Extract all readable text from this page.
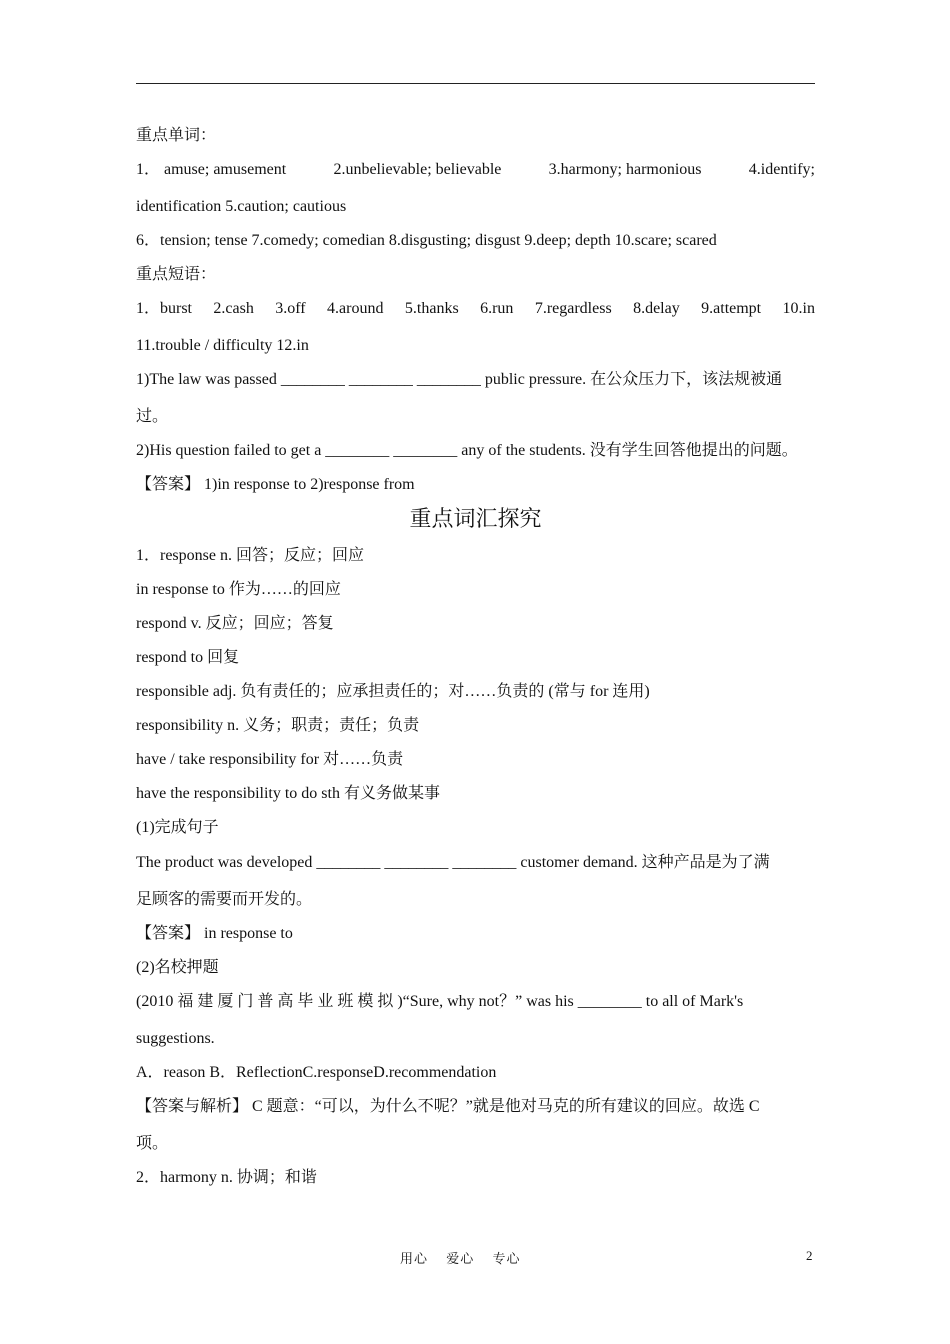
重点单词：
1． amuse; amusement	2.unbelievable; believable	3.harmony; harmonious	4.identify;
identification 5.caution; cautious
6．tension; tense 7.comedy; comedian 8.disgusting; disgust 9.deep; depth 10.scare; scared
重点短语：
1．burst 2.cash 3.off 4.around 5.thanks 6.run 7.regardless 8.delay 9.attempt 10.in
11.trouble / difficulty 12.in
1)The law was passed ________ ________ ________ public pressure. 在公众压力下，该法规被通
过。
2)His question failed to get a ________ ________ any of the students. 没有学生回答他提出的问题。
【答案】 1)in response to 2)response from
重点词汇探究
1．response n. 回答；反应；回应
in response to 作为……的回应
respond v. 反应；回应；答复
respond to 回复
responsible adj. 负有责任的；应承担责任的；对……负责的 (常与 for 连用)
responsibility n. 义务；职责；责任；负责
have / take responsibility for 对……负责
have the responsibility to do sth 有义务做某事
(1)完成句子
The product was developed ________ ________ ________ customer demand. 这种产品是为了满
足顾客的需要而开发的。
【答案】 in response to
(2)名校押题
(2010 福 建 厦 门 普 高 毕 业 班 模 拟 )“Sure, why not？” was his ________ to all of Mark's
suggestions.
A．reason B．ReflectionC.responseD.recommendation
【答案与解析】 C 题意：“可以，为什么不呢？”就是他对马克的所有建议的回应。故选 C
项。
2．harmony n. 协调；和谐
用心 爱心 专心	2
